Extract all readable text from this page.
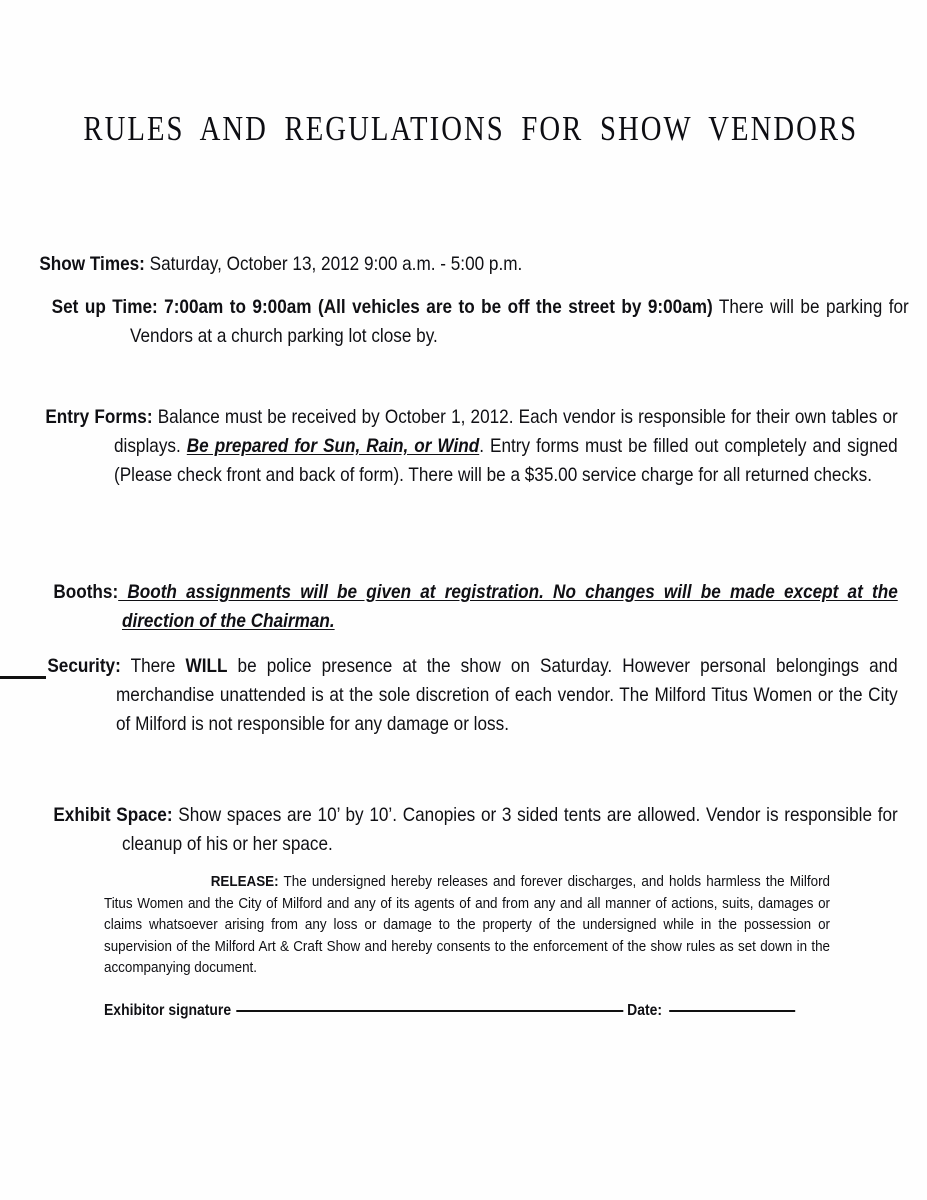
RULES AND REGULATIONS FOR SHOW VENDORS
Show Times: Saturday, October 13, 2012 9:00 a.m. - 5:00 p.m.
Set up Time: 7:00am to 9:00am (All vehicles are to be off the street by 9:00am) There will be parking for Vendors at a church parking lot close by.
Entry Forms: Balance must be received by October 1, 2012. Each vendor is responsible for their own tables or displays. Be prepared for Sun, Rain, or Wind. Entry forms must be filled out completely and signed (Please check front and back of form). There will be a $35.00 service charge for all returned checks.
Booths: Booth assignments will be given at registration. No changes will be made except at the direction of the Chairman.
Security: There WILL be police presence at the show on Saturday. However personal belongings and merchandise unattended is at the sole discretion of each vendor. The Milford Titus Women or the City of Milford is not responsible for any damage or loss.
Exhibit Space: Show spaces are 10’ by 10’. Canopies or 3 sided tents are allowed. Vendor is responsible for cleanup of his or her space.
RELEASE: The undersigned hereby releases and forever discharges, and holds harmless the Milford Titus Women and the City of Milford and any of its agents of and from any and all manner of actions, suits, damages or claims whatsoever arising from any loss or damage to the property of the undersigned while in the possession or supervision of the Milford Art & Craft Show and hereby consents to the enforcement of the show rules as set down in the accompanying document.
Exhibitor signature	Date:
